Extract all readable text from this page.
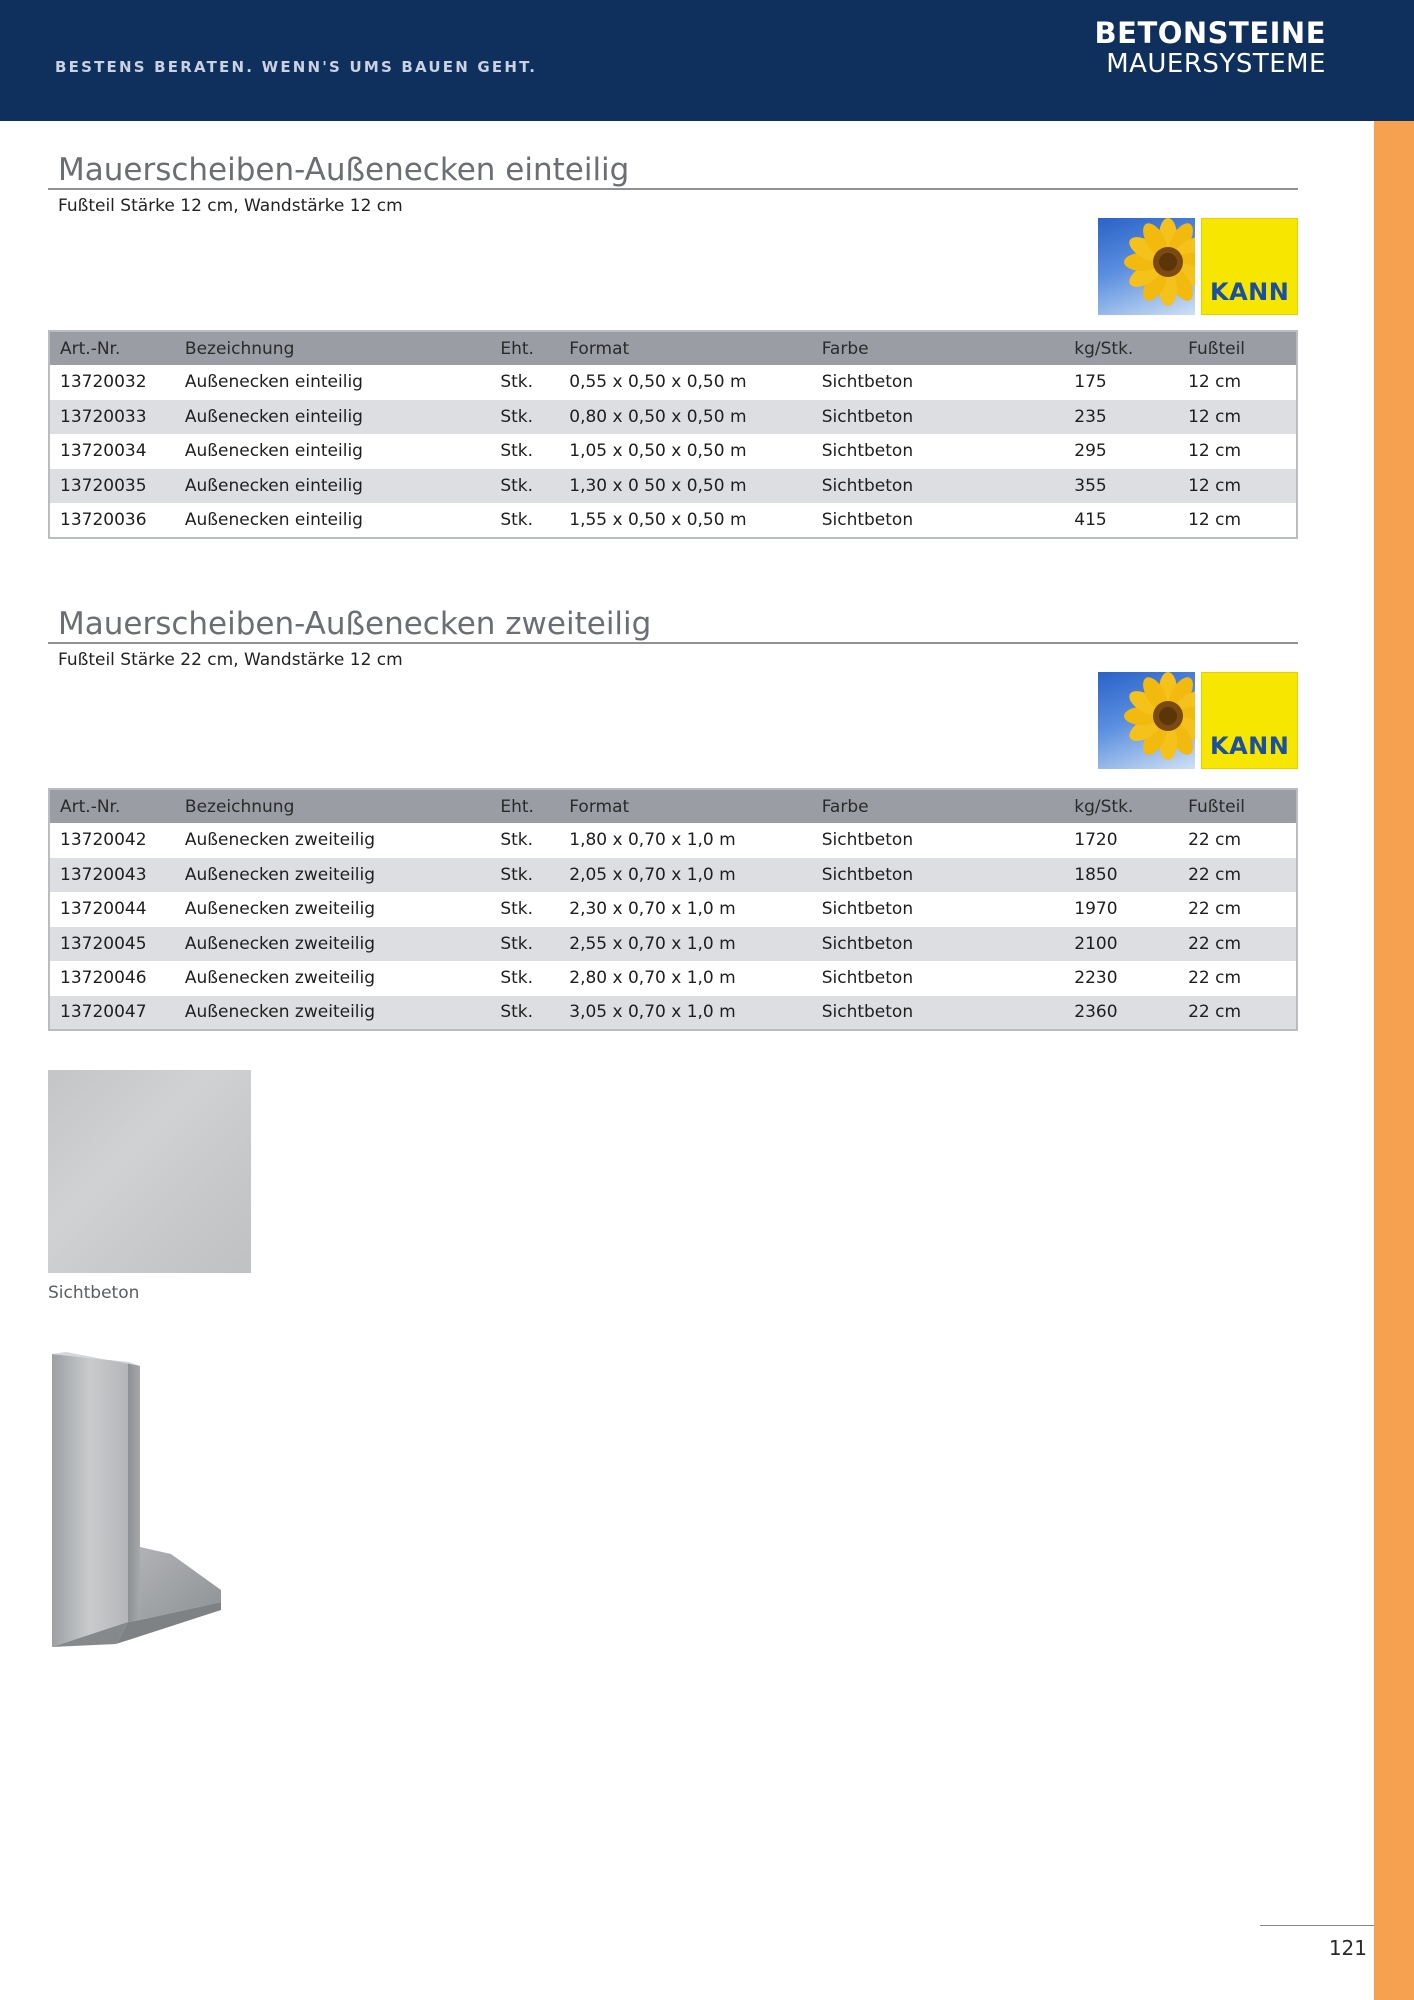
BESTENS BERATEN. WENN'S UMS BAUEN GEHT.
BETONSTEINE
MAUERSYSTEME
Mauerscheiben-Außenecken einteilig
Fußteil Stärke 12 cm, Wandstärke 12 cm
KANN
Art.-Nr.	Bezeichnung	Eht.	Format	Farbe	kg/Stk.	Fußteil
13720032	Außenecken einteilig	Stk.	0,55 x 0,50 x 0,50 m	Sichtbeton	175	12 cm
13720033	Außenecken einteilig	Stk.	0,80 x 0,50 x 0,50 m	Sichtbeton	235	12 cm
13720034	Außenecken einteilig	Stk.	1,05 x 0,50 x 0,50 m	Sichtbeton	295	12 cm
13720035	Außenecken einteilig	Stk.	1,30 x 0 50 x 0,50 m	Sichtbeton	355	12 cm
13720036	Außenecken einteilig	Stk.	1,55 x 0,50 x 0,50 m	Sichtbeton	415	12 cm
Mauerscheiben-Außenecken zweiteilig
Fußteil Stärke 22 cm, Wandstärke 12 cm
KANN
Art.-Nr.	Bezeichnung	Eht.	Format	Farbe	kg/Stk.	Fußteil
13720042	Außenecken zweiteilig	Stk.	1,80 x 0,70 x 1,0 m	Sichtbeton	1720	22 cm
13720043	Außenecken zweiteilig	Stk.	2,05 x 0,70 x 1,0 m	Sichtbeton	1850	22 cm
13720044	Außenecken zweiteilig	Stk.	2,30 x 0,70 x 1,0 m	Sichtbeton	1970	22 cm
13720045	Außenecken zweiteilig	Stk.	2,55 x 0,70 x 1,0 m	Sichtbeton	2100	22 cm
13720046	Außenecken zweiteilig	Stk.	2,80 x 0,70 x 1,0 m	Sichtbeton	2230	22 cm
13720047	Außenecken zweiteilig	Stk.	3,05 x 0,70 x 1,0 m	Sichtbeton	2360	22 cm
Sichtbeton
121
